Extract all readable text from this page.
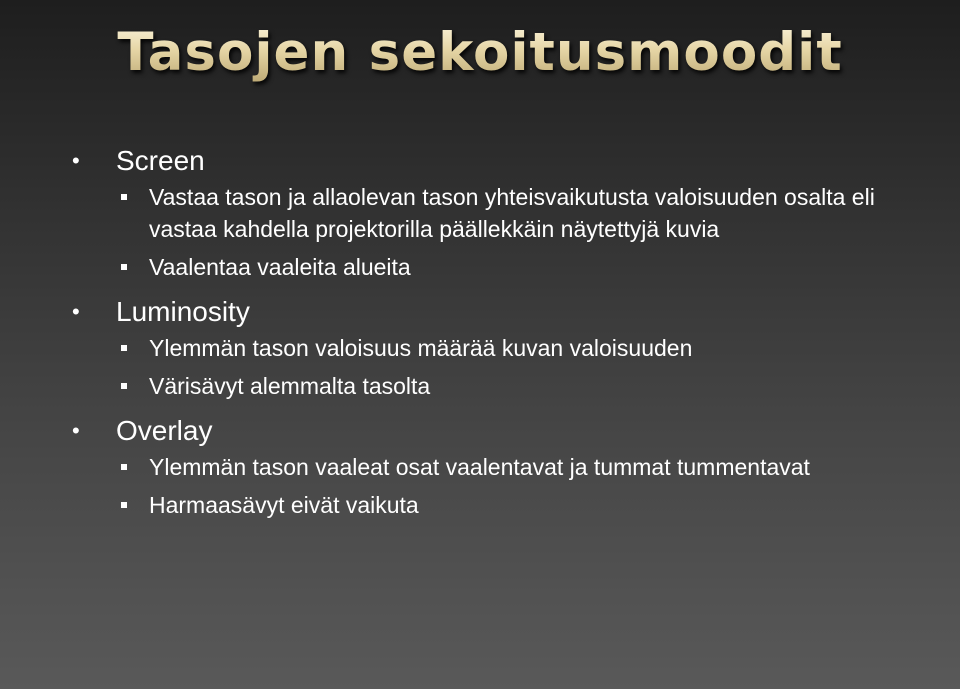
Tasojen sekoitusmoodit
• Screen
Vastaa tason ja allaolevan tason yhteisvaikutusta valoisuuden osalta eli vastaa kahdella projektorilla päällekkäin näytettyjä kuvia
Vaalentaa vaaleita alueita
• Luminosity
Ylemmän tason valoisuus määrää kuvan valoisuuden
Värisävyt alemmalta tasolta
• Overlay
Ylemmän tason vaaleat osat vaalentavat ja tummat tummentavat
Harmaasävyt eivät vaikuta
